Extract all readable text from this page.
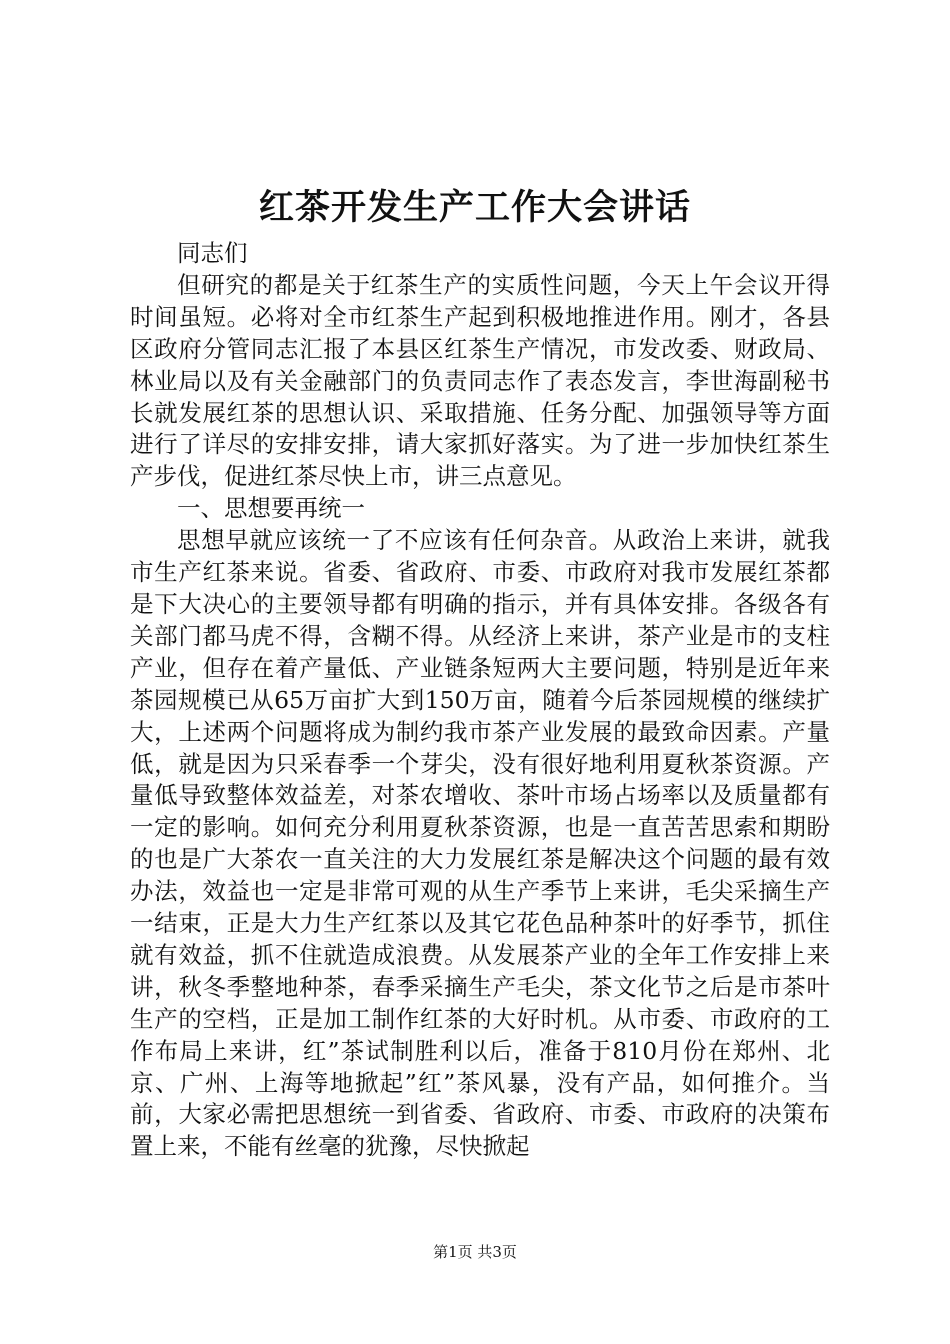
红茶开发生产工作大会讲话

同志们

但研究的都是关于红茶生产的实质性问题，今天上午会议开得时间虽短。必将对全市红茶生产起到积极地推进作用。刚才，各县区政府分管同志汇报了本县区红茶生产情况，市发改委、财政局、林业局以及有关金融部门的负责同志作了表态发言，李世海副秘书长就发展红茶的思想认识、采取措施、任务分配、加强领导等方面进行了详尽的安排安排，请大家抓好落实。为了进一步加快红茶生产步伐，促进红茶尽快上市，讲三点意见。

一、思想要再统一

思想早就应该统一了不应该有任何杂音。从政治上来讲，就我市生产红茶来说。省委、省政府、市委、市政府对我市发展红茶都是下大决心的主要领导都有明确的指示，并有具体安排。各级各有关部门都马虎不得，含糊不得。从经济上来讲，茶产业是市的支柱产业，但存在着产量低、产业链条短两大主要问题，特别是近年来茶园规模已从65万亩扩大到150万亩，随着今后茶园规模的继续扩大，上述两个问题将成为制约我市茶产业发展的最致命因素。产量低，就是因为只采春季一个芽尖，没有很好地利用夏秋茶资源。产量低导致整体效益差，对茶农增收、茶叶市场占场率以及质量都有一定的影响。如何充分利用夏秋茶资源，也是一直苦苦思索和期盼的也是广大茶农一直关注的大力发展红茶是解决这个问题的最有效办法，效益也一定是非常可观的从生产季节上来讲，毛尖采摘生产一结束，正是大力生产红茶以及其它花色品种茶叶的好季节，抓住就有效益，抓不住就造成浪费。从发展茶产业的全年工作安排上来讲，秋冬季整地种茶，春季采摘生产毛尖，茶文化节之后是市茶叶生产的空档，正是加工制作红茶的大好时机。从市委、市政府的工作布局上来讲，红”茶试制胜利以后，准备于810月份在郑州、北京、广州、上海等地掀起”红”茶风暴，没有产品，如何推介。当前，大家必需把思想统一到省委、省政府、市委、市政府的决策布置上来，不能有丝毫的犹豫，尽快掀起

第1页 共3页
